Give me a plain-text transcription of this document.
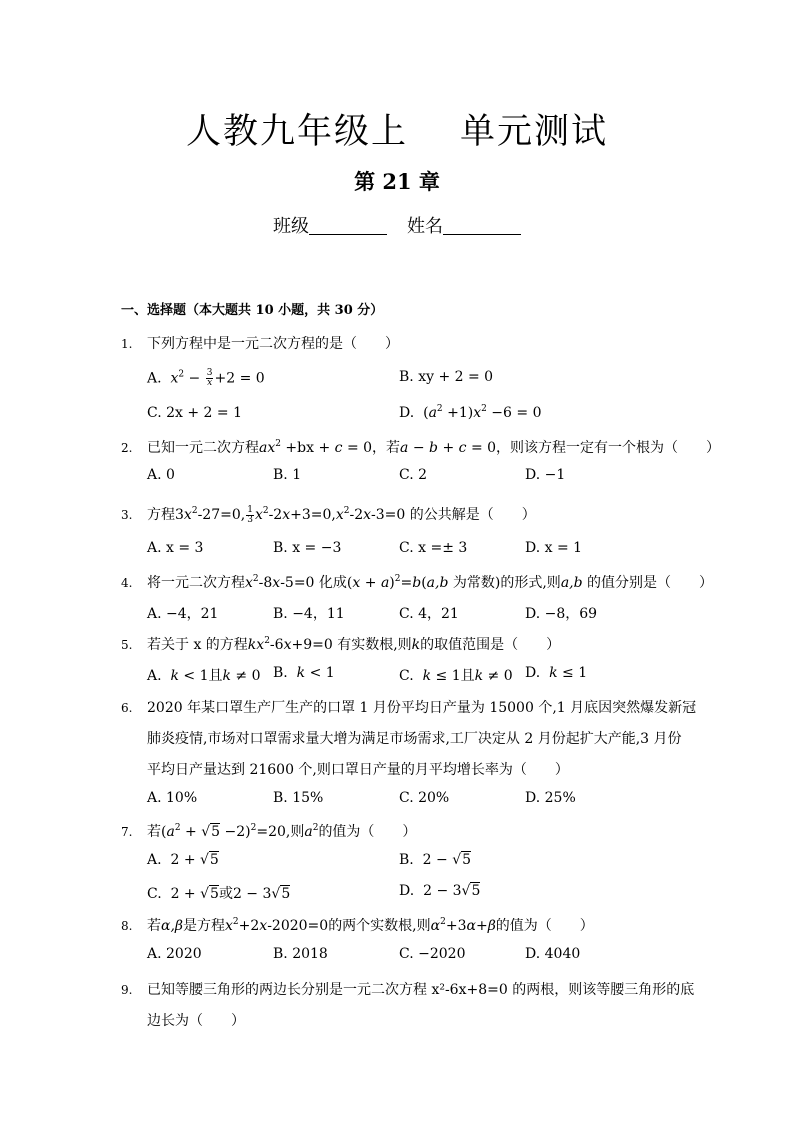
人教九年级上 单元测试
第 21 章
班级	姓名
一、选择题（本大题共 10 小题，共 30 分）
1. 下列方程中是一元二次方程的是（　　）
A. $x^2 - \frac{3}{x} +2 = 0$	B. xy + 2 = 0
C. 2x + 2 = 1	D.  $(a^2 +1)x^2 -6 = 0$
2. 已知一元二次方程$ax^2 +bx + c = 0$，若a − b + c = 0，则该方程一定有一个根为（　　）
A. 0	B. 1	C. 2	D. −1
3. 方程$3x^2-27=0$, $\frac{1}{3} x^2-2x+3=0,x^2-2x-3=0$ 的公共解是（　　）
A. x = 3	B. x = −3	C. x =± 3	D. x = 1
4. 将一元二次方程$x^2-8x-5=0$ 化成$(x + a)^2=b(a,b$ 为常数)的形式,则a,b 的值分别是（　　）
A. −4，21	B. −4，11	C. 4，21	D. −8，69
5. 若关于 x 的方程$kx^2-6x+9=0$ 有实数根,则k的取值范围是（　　）
A. k < 1且k ≠ 0 B. k < 1	C. k ≤ 1且k ≠ 0 D. k ≤ 1
6. 2020 年某口罩生产厂生产的口罩 1 月份平均日产量为 15000 个,1 月底因突然爆发新冠
肺炎疫情,市场对口罩需求量大增为满足市场需求,工厂决定从 2 月份起扩大产能,3 月份
平均日产量达到 21600 个,则口罩日产量的月平均增长率为（　　）
A. 10%	B. 15%	C. 20%	D. 25%
7. 若$(a^2 + √5 -2)^2=20$,则$a^2$的值为（　　）
A.  2 + √5	B.  2 − √5
C.  2 + √5或2 − 3√5	D.  2 − 3√5
8. 若α,β是方程$x^2+2x-2020=0$的两个实数根,则$\alpha^2+3\alpha+\beta$的值为（　　）
A. 2020	B. 2018	C. −2020	D. 4040
9. 已知等腰三角形的两边长分别是一元二次方程 x²-6x+8=0 的两根，则该等腰三角形的底
边长为（　　）
